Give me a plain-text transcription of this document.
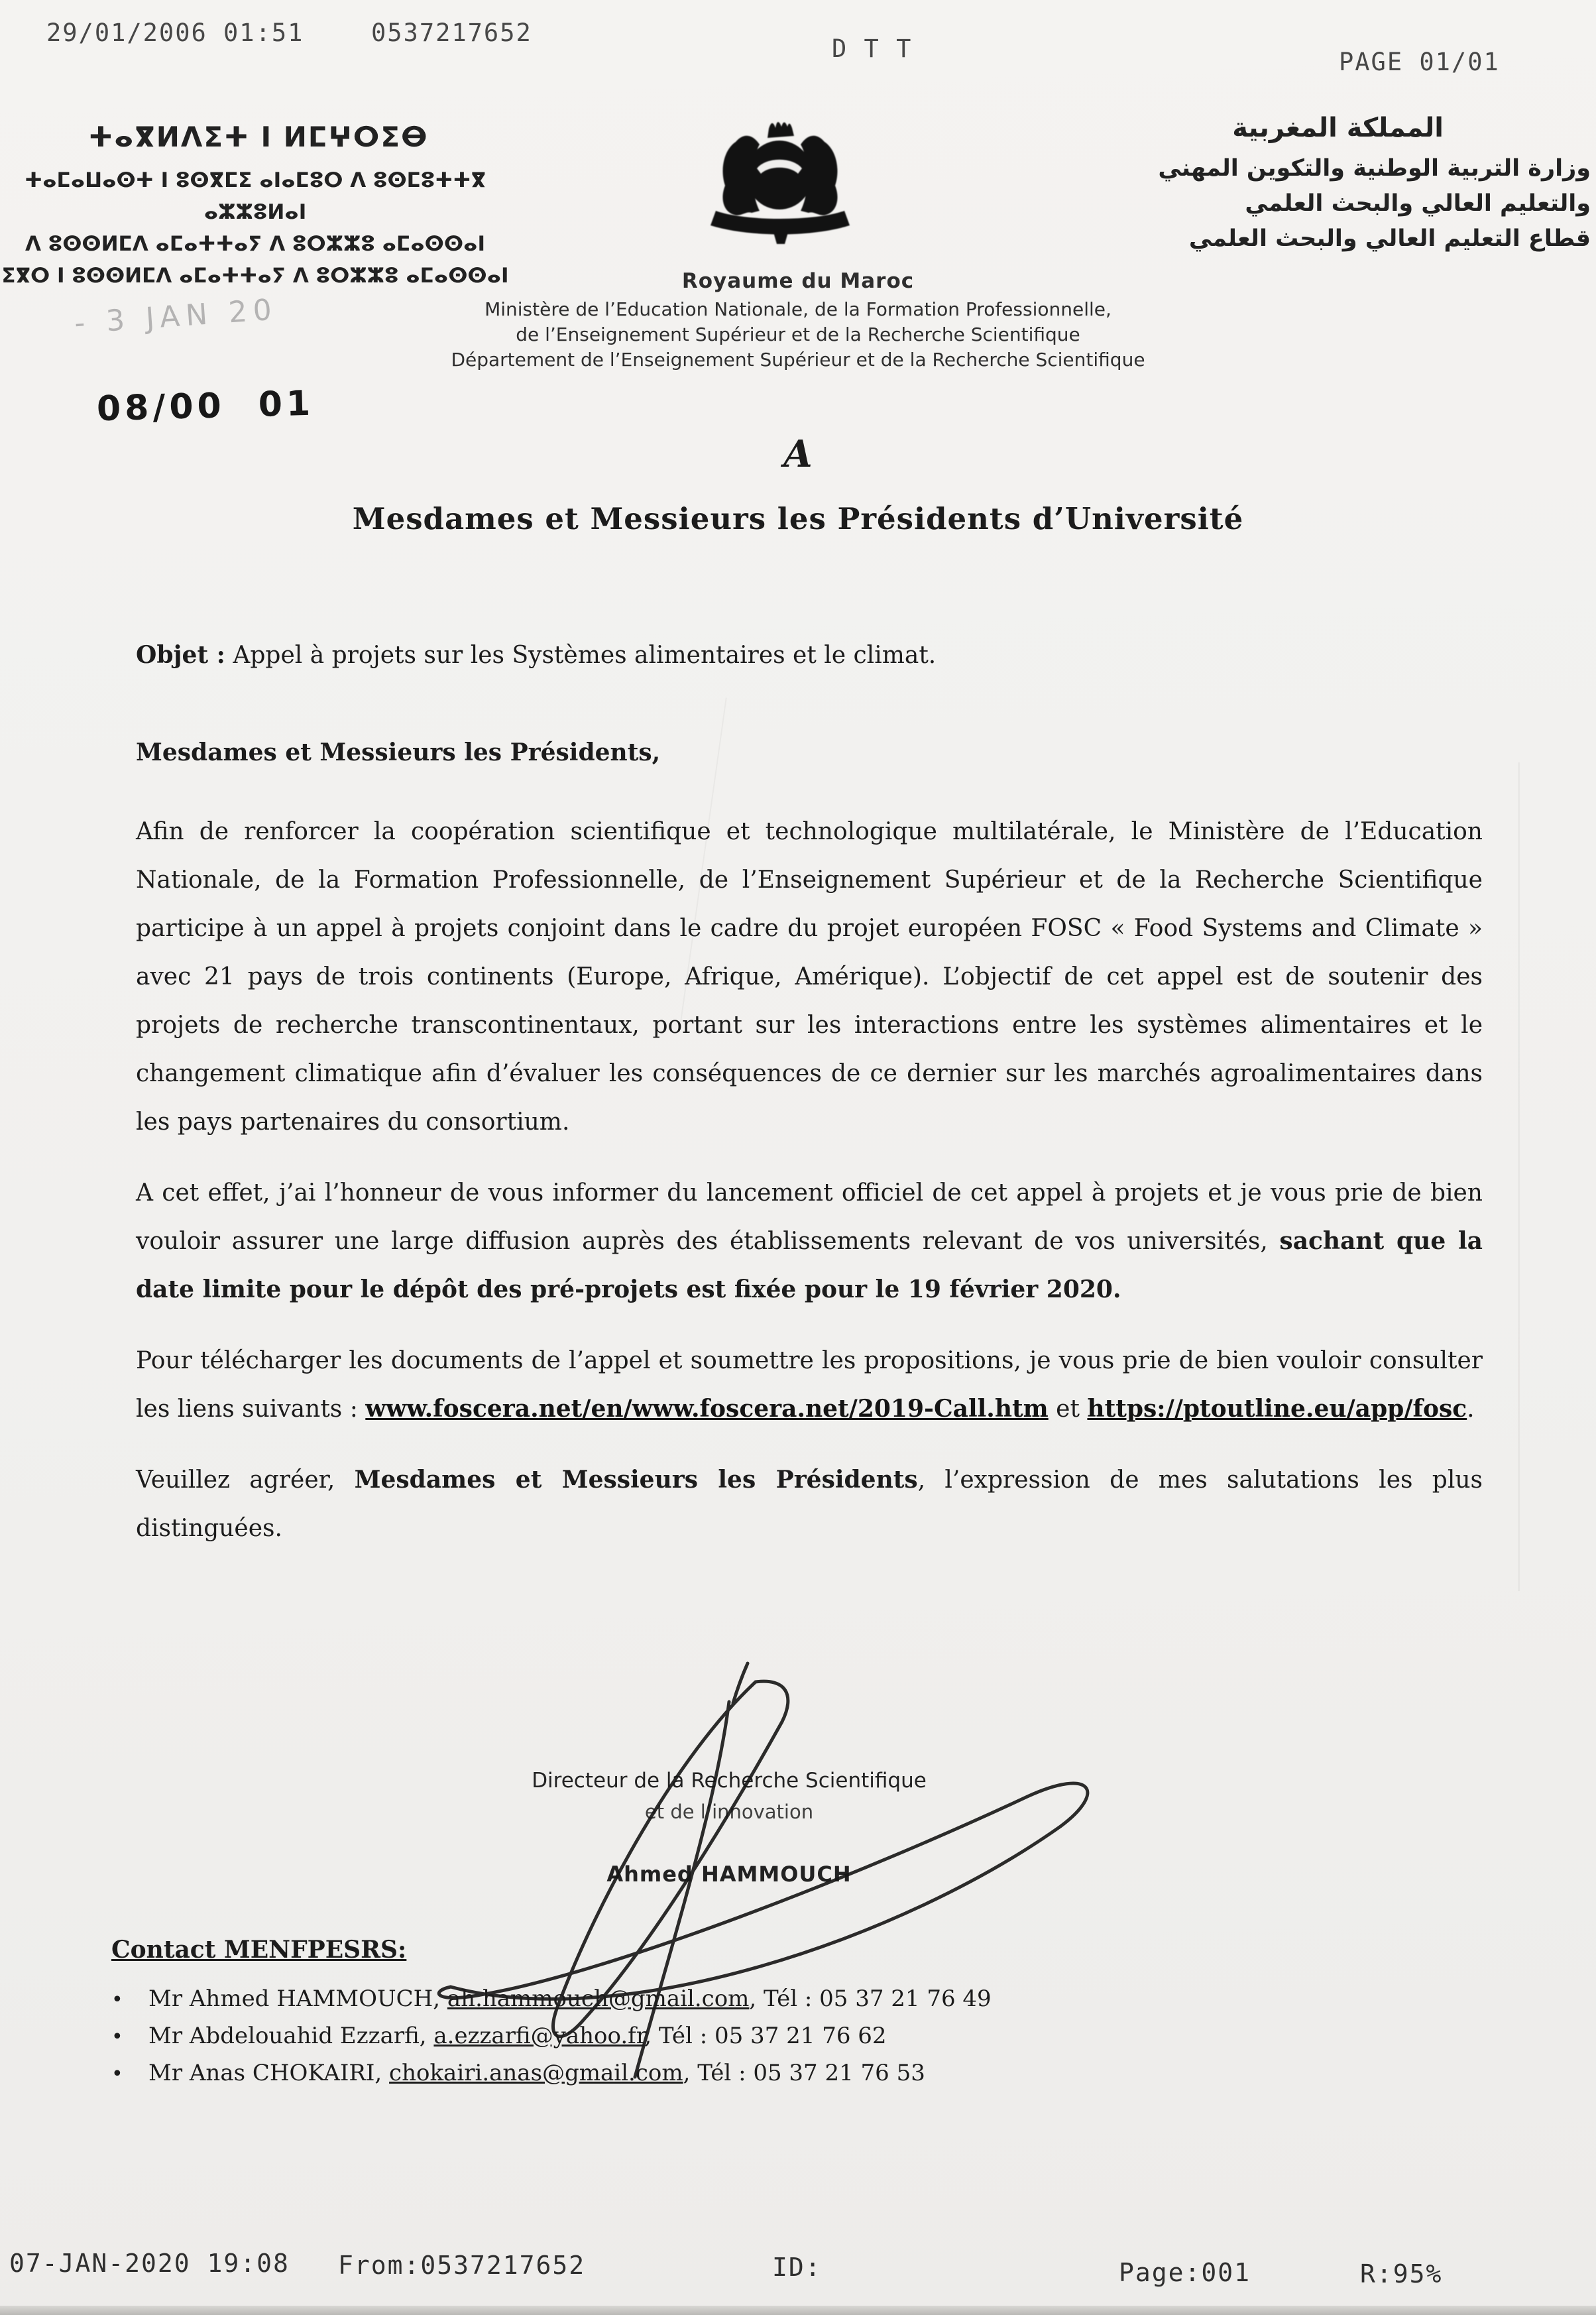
29/01/2006 01:51	0537217652
D T T	PAGE 01/01
ⵜⴰⴳⵍⴷⵉⵜ ⵏ ⵍⵎⵖⵔⵉⴱ
ⵜⴰⵎⴰⵡⴰⵙⵜ ⵏ ⵓⵙⴳⵎⵉ ⴰⵏⴰⵎⵓⵔ ⴷ ⵓⵙⵎⵓⵜⵜⴳ ⴰⵣⵣⵓⵍⴰⵏ
ⴷ ⵓⵙⵙⵍⵎⴷ ⴰⵎⴰⵜⵜⴰⵢ ⴷ ⵓⵔⵣⵣⵓ ⴰⵎⴰⵙⵙⴰⵏ
ⵉⴳⵔ ⵏ ⵓⵙⵙⵍⵎⴷ ⴰⵎⴰⵜⵜⴰⵢ ⴷ ⵓⵔⵣⵣⵓ ⴰⵎⴰⵙⵙⴰⵏ
المملكة المغربية
وزارة التربية الوطنية والتكوين المهني
والتعليم العالي والبحث العلمي
قطاع التعليم العالي والبحث العلمي
Royaume du Maroc
Ministère de l’Education Nationale, de la Formation Professionnelle,
de l’Enseignement Supérieur et de la Recherche Scientifique
Département de l’Enseignement Supérieur et de la Recherche Scientifique
- 3 JAN 20
08/00 01
A
Mesdames et Messieurs les Présidents d’Université

Objet : Appel à projets sur les Systèmes alimentaires et le climat.

Mesdames et Messieurs les Présidents,

Afin de renforcer la coopération scientifique et technologique multilatérale, le Ministère de l’Education Nationale, de la Formation Professionnelle, de l’Enseignement Supérieur et de la Recherche Scientifique participe à un appel à projets conjoint dans le cadre du projet européen FOSC « Food Systems and Climate » avec 21 pays de trois continents (Europe, Afrique, Amérique). L’objectif de cet appel est de soutenir des projets de recherche transcontinentaux, portant sur les interactions entre les systèmes alimentaires et le changement climatique afin d’évaluer les conséquences de ce dernier sur les marchés agroalimentaires dans les pays partenaires du consortium.

A cet effet, j’ai l’honneur de vous informer du lancement officiel de cet appel à projets et je vous prie de bien vouloir assurer une large diffusion auprès des établissements relevant de vos universités, sachant que la date limite pour le dépôt des pré-projets est fixée pour le 19 février 2020.

Pour télécharger les documents de l’appel et soumettre les propositions, je vous prie de bien vouloir consulter les liens suivants : www.foscera.net/en/www.foscera.net/2019-Call.htm et https://ptoutline.eu/app/fosc.

Veuillez agréer, Mesdames et Messieurs les Présidents, l’expression de mes salutations les plus distinguées.

Directeur de la Recherche Scientifique
et de l’innovation
Ahmed HAMMOUCH
Contact MENFPESRS:
•	Mr Ahmed HAMMOUCH, ah.hammouch@gmail.com, Tél : 05 37 21 76 49
•	Mr Abdelouahid Ezzarfi, a.ezzarfi@yahoo.fr, Tél : 05 37 21 76 62
•	Mr Anas CHOKAIRI, chokairi.anas@gmail.com, Tél : 05 37 21 76 53
07-JAN-2020 19:08 From:0537217652	ID:	Page:001	R:95%
